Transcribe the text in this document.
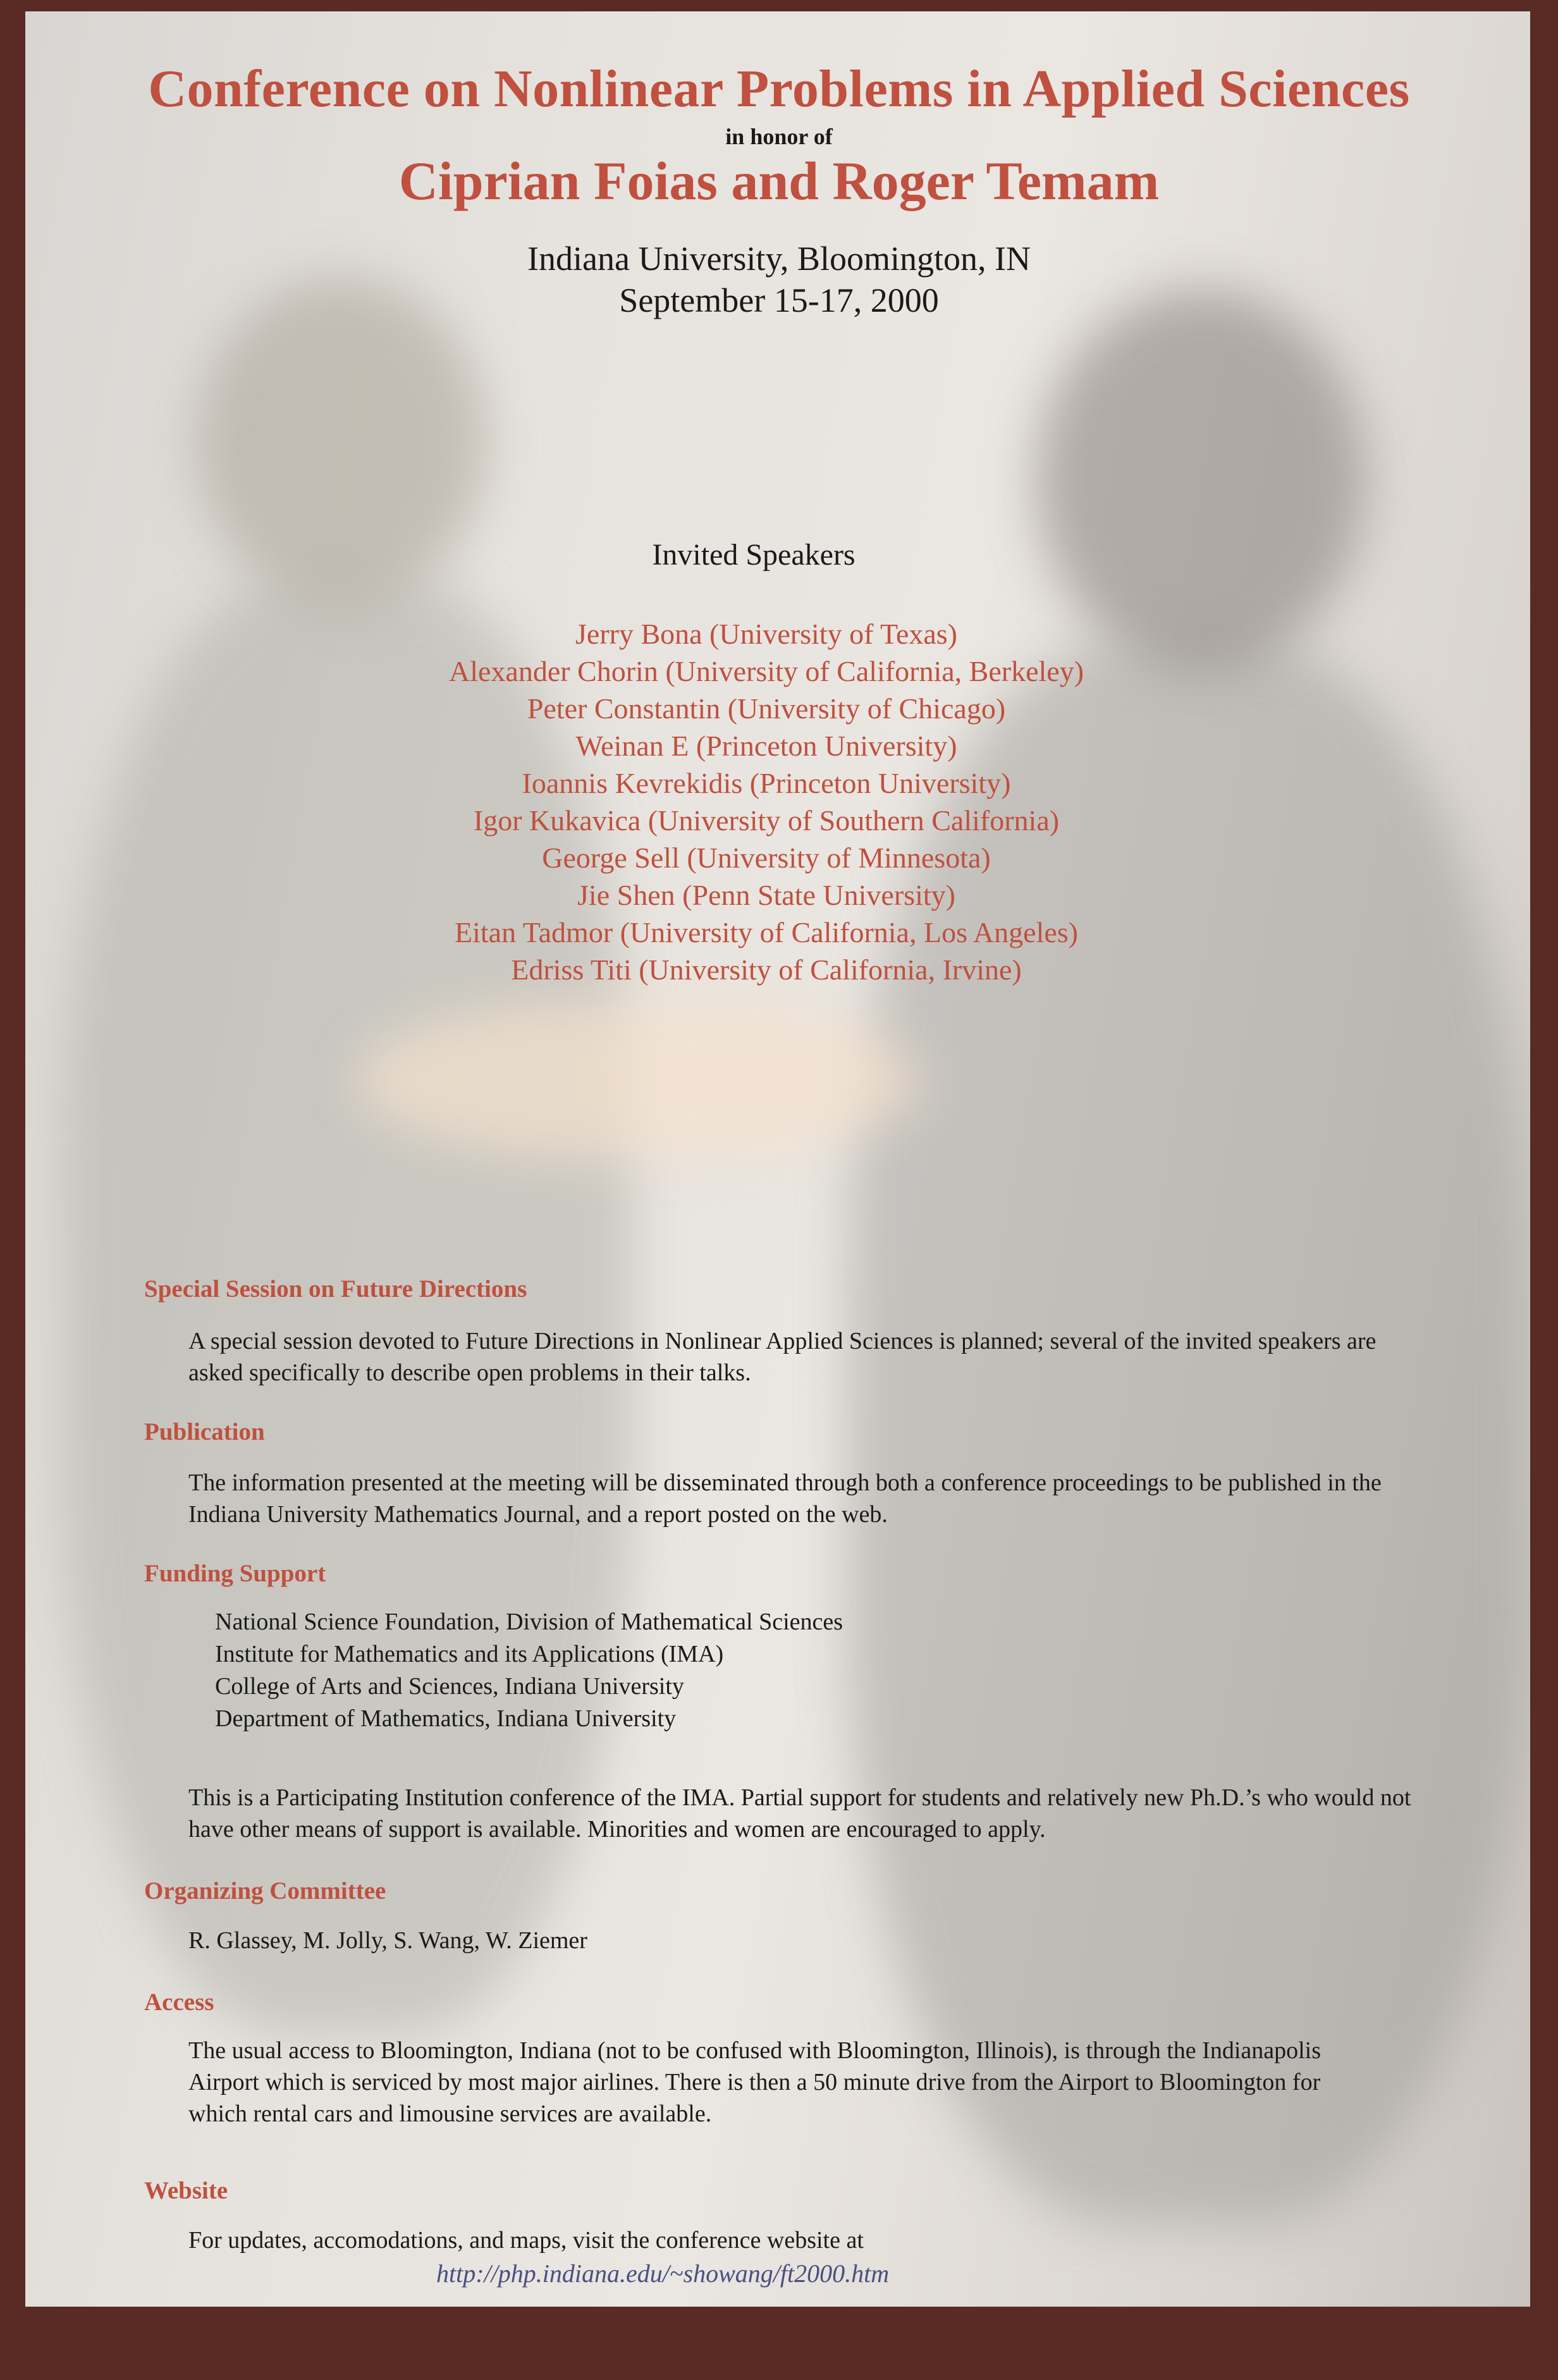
Conference on Nonlinear Problems in Applied Sciences
in honor of
Ciprian Foias and Roger Temam
Indiana University, Bloomington, IN
September 15-17, 2000
Invited Speakers
Jerry Bona (University of Texas)
Alexander Chorin (University of California, Berkeley)
Peter Constantin (University of Chicago)
Weinan E (Princeton University)
Ioannis Kevrekidis (Princeton University)
Igor Kukavica (University of Southern California)
George Sell (University of Minnesota)
Jie Shen (Penn State University)
Eitan Tadmor (University of California, Los Angeles)
Edriss Titi (University of California, Irvine)
Special Session on Future Directions
A special session devoted to Future Directions in Nonlinear Applied Sciences is planned; several of the invited speakers are asked specifically to describe open problems in their talks.
Publication
The information presented at the meeting will be disseminated through both a conference proceedings to be published in the Indiana University Mathematics Journal, and a report posted on the web.
Funding Support
National Science Foundation, Division of Mathematical Sciences
Institute for Mathematics and its Applications (IMA)
College of Arts and Sciences, Indiana University
Department of Mathematics, Indiana University
This is a Participating Institution conference of the IMA. Partial support for students and relatively new Ph.D.’s who would not have other means of support is available. Minorities and women are encouraged to apply.
Organizing Committee
R. Glassey, M. Jolly, S. Wang, W. Ziemer
Access
The usual access to Bloomington, Indiana (not to be confused with Bloomington, Illinois), is through the Indianapolis Airport which is serviced by most major airlines. There is then a 50 minute drive from the Airport to Bloomington for which rental cars and limousine services are available.
Website
For updates, accomodations, and maps, visit the conference website at
http://php.indiana.edu/~showang/ft2000.htm
